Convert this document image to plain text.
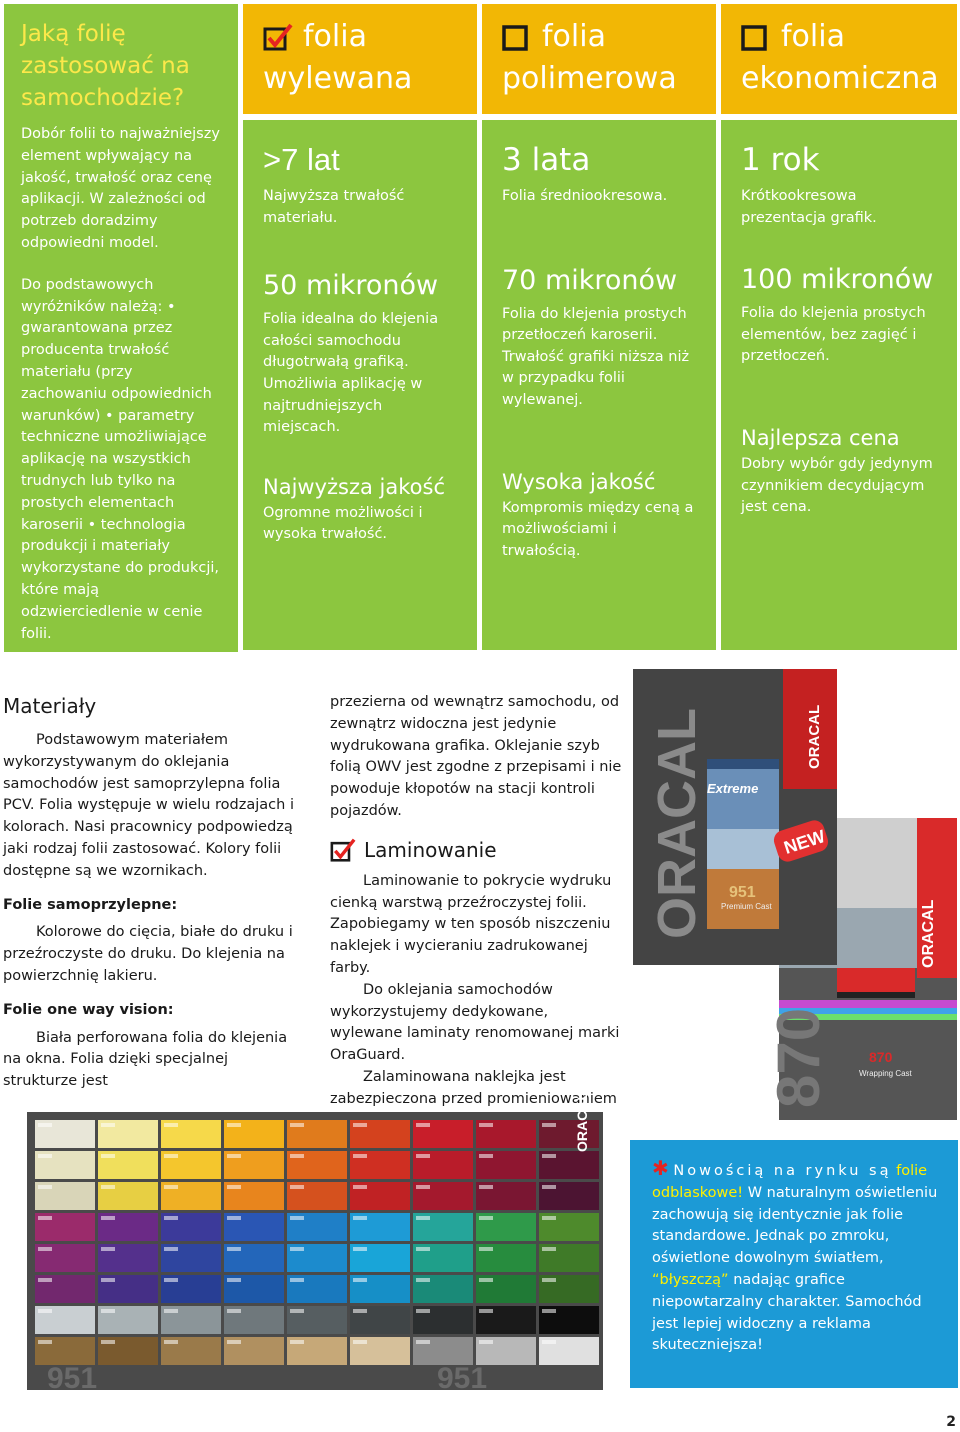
Jaką folię zastosować na samochodzie?

Dobór folii to najważniejszy element wpływający na jakość, trwałość oraz cenę aplikacji. W zależności od potrzeb doradzimy odpowiedni model.

Do podstawowych wyróżników należą: • gwarantowana przez producenta trwałość materiału (przy zachowaniu odpowiednich warunków) • parametry techniczne umożliwiające aplikację na wszystkich trudnych lub tylko na prostych elementach karoserii • technologia produkcji i materiały wykorzystane do produkcji, które mają odzwierciedlenie w cenie folii.

folia
wylewana
>7 lat

Najwyższa trwałość materiału.

50 mikronów

Folia idealna do klejenia całości samochodu długotrwałą grafiką. Umożliwia aplikację w najtrudniejszych miejscach.

Najwyższa jakość

Ogromne możliwości i wysoka trwałość.

folia
polimerowa
3 lata

Folia średniookresowa.

70 mikronów

Folia do klejenia prostych przetłoczeń karoserii. Trwałość grafiki niższa niż w przypadku folii wylewanej.

Wysoka jakość

Kompromis między ceną a możliwościami i trwałością.

folia
ekonomiczna
1 rok

Krótkookresowa prezentacja grafik.

100 mikronów

Folia do klejenia prostych elementów, bez zagięć i przetłoczeń.

Najlepsza cena

Dobry wybór gdy jedynym czynnikiem decydującym jest cena.

Materiały

Podstawowym materiałem wykorzystywanym do oklejania samochodów jest samoprzylepna folia PCV. Folia występuje w wielu rodzajach i kolorach. Nasi pracownicy podpowiedzą jaki rodzaj folii zastosować. Kolory folii dostępne są we wzornikach.

Folie samoprzylepne:

Kolorowe do cięcia, białe do druku i przeźroczyste do druku. Do klejenia na powierzchnię lakieru.

Folie one way vision:

Biała perforowana folia do klejenia na okna. Folia dzięki specjalnej strukturze jest

przezierna od wewnątrz samochodu, od zewnątrz widoczna jest jedynie wydrukowana grafika. Oklejanie szyb folią OWV jest zgodne z przepisami i nie powoduje kłopotów na stacji kontroli pojazdów.

Laminowanie

Laminowanie to pokrycie wydruku cienką warstwą przeźroczystej folii. Zapobiegamy w ten sposób niszczeniu naklejek i wycieraniu zadrukowanej farby.

Do oklejania samochodów wykorzystujemy dedykowane, wylewane laminaty renomowanej marki OraGuard.

Zalaminowana naklejka jest zabezpieczona przed promieniowaniem

ORACAL
870
Wrapping Cast
870
Extreme
NEW
ORACAL
ORACAL 951
Premium Cast
ORACAL
951	951

✱ Nowością na rynku są folie odblaskowe! W naturalnym oświetleniu zachowują się identycznie jak folie standardowe. Jednak po zmroku, oświetlone dowolnym światłem, “błyszczą” nadając grafice niepowtarzalny charakter. Samochód jest lepiej widoczny a reklama skuteczniejsza!

2
